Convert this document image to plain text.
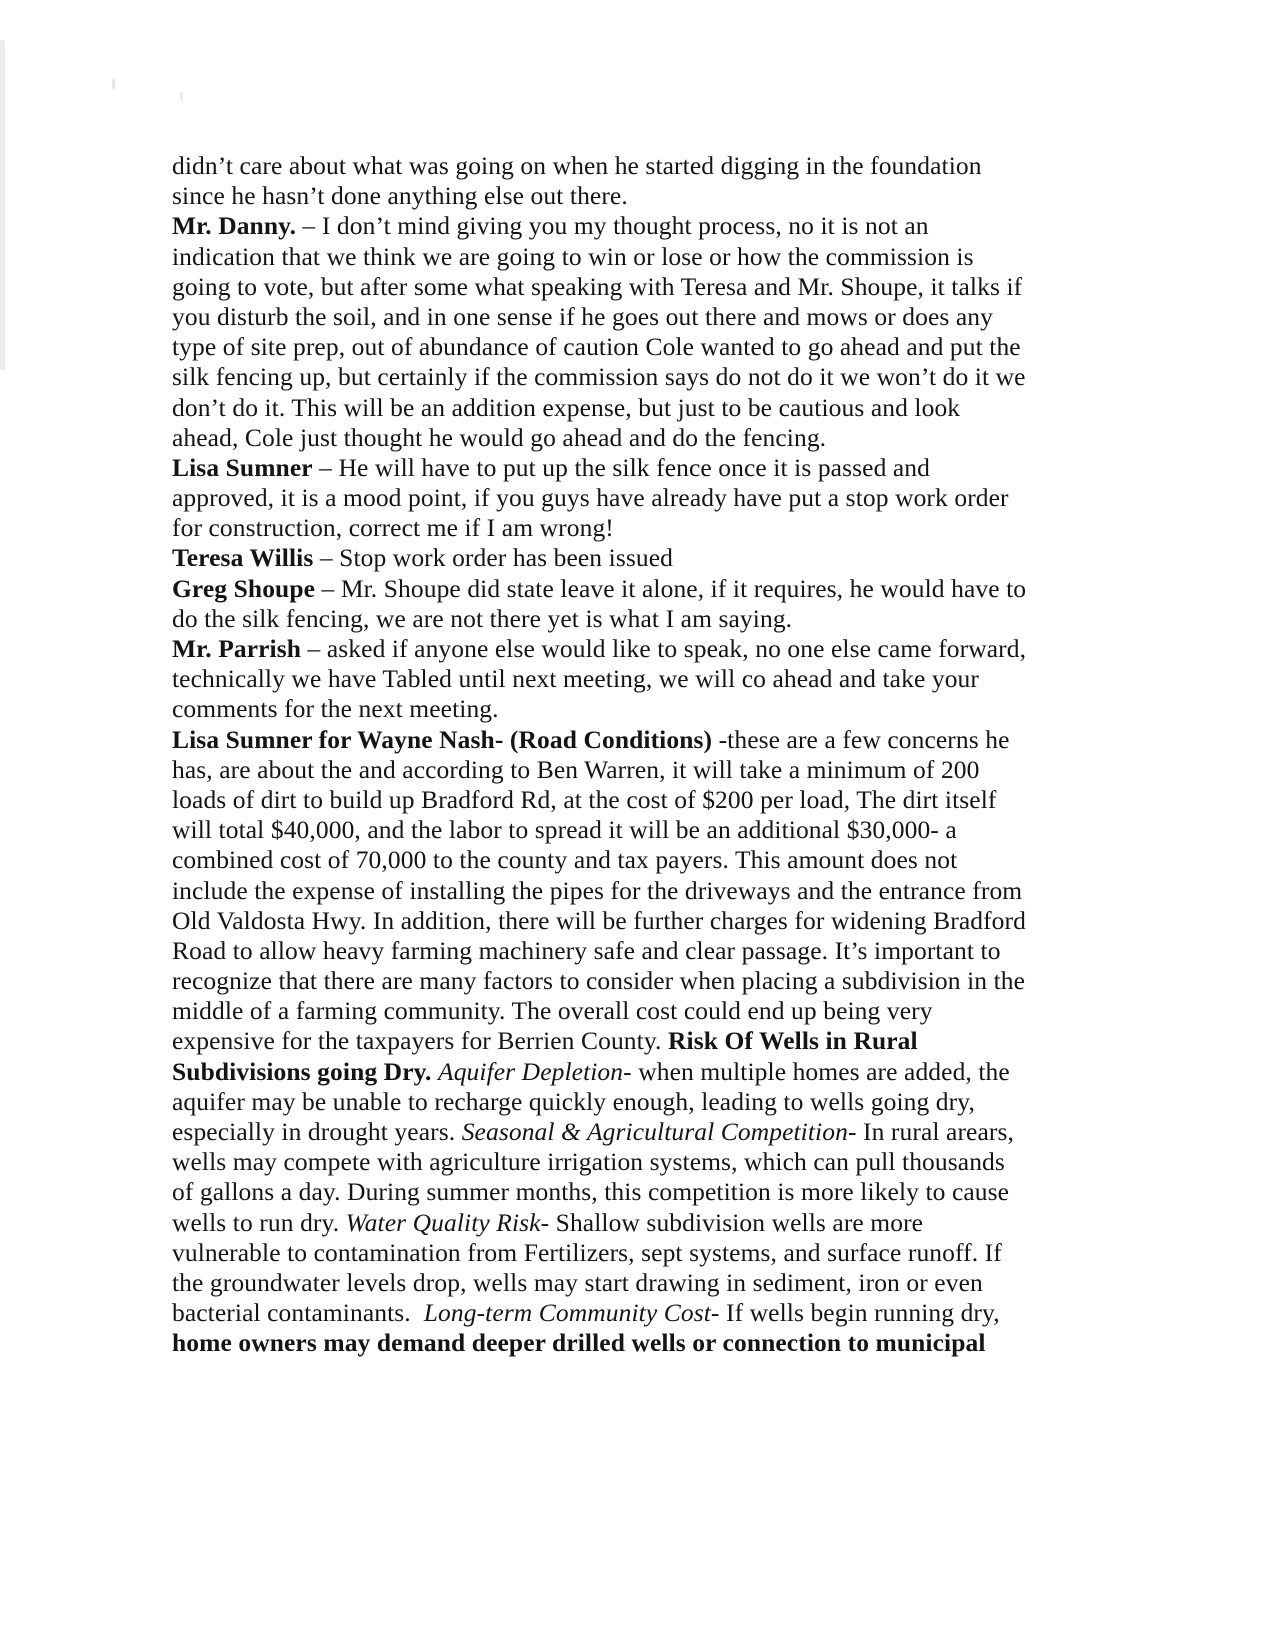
didn’t care about what was going on when he started digging in the foundation
since he hasn’t done anything else out there.
Mr. Danny. – I don’t mind giving you my thought process, no it is not an
indication that we think we are going to win or lose or how the commission is
going to vote, but after some what speaking with Teresa and Mr. Shoupe, it talks if
you disturb the soil, and in one sense if he goes out there and mows or does any
type of site prep, out of abundance of caution Cole wanted to go ahead and put the
silk fencing up, but certainly if the commission says do not do it we won’t do it we
don’t do it. This will be an addition expense, but just to be cautious and look
ahead, Cole just thought he would go ahead and do the fencing.
Lisa Sumner – He will have to put up the silk fence once it is passed and
approved, it is a mood point, if you guys have already have put a stop work order
for construction, correct me if I am wrong!
Teresa Willis – Stop work order has been issued
Greg Shoupe – Mr. Shoupe did state leave it alone, if it requires, he would have to
do the silk fencing, we are not there yet is what I am saying.
Mr. Parrish – asked if anyone else would like to speak, no one else came forward,
technically we have Tabled until next meeting, we will co ahead and take your
comments for the next meeting.
Lisa Sumner for Wayne Nash- (Road Conditions) -these are a few concerns he
has, are about the and according to Ben Warren, it will take a minimum of 200
loads of dirt to build up Bradford Rd, at the cost of $200 per load, The dirt itself
will total $40,000, and the labor to spread it will be an additional $30,000- a
combined cost of 70,000 to the county and tax payers. This amount does not
include the expense of installing the pipes for the driveways and the entrance from
Old Valdosta Hwy. In addition, there will be further charges for widening Bradford
Road to allow heavy farming machinery safe and clear passage. It’s important to
recognize that there are many factors to consider when placing a subdivision in the
middle of a farming community. The overall cost could end up being very
expensive for the taxpayers for Berrien County. Risk Of Wells in Rural
Subdivisions going Dry. Aquifer Depletion- when multiple homes are added, the
aquifer may be unable to recharge quickly enough, leading to wells going dry,
especially in drought years. Seasonal & Agricultural Competition- In rural arears,
wells may compete with agriculture irrigation systems, which can pull thousands
of gallons a day. During summer months, this competition is more likely to cause
wells to run dry. Water Quality Risk- Shallow subdivision wells are more
vulnerable to contamination from Fertilizers, sept systems, and surface runoff. If
the groundwater levels drop, wells may start drawing in sediment, iron or even
bacterial contaminants.  Long-term Community Cost- If wells begin running dry,
home owners may demand deeper drilled wells or connection to municipal
